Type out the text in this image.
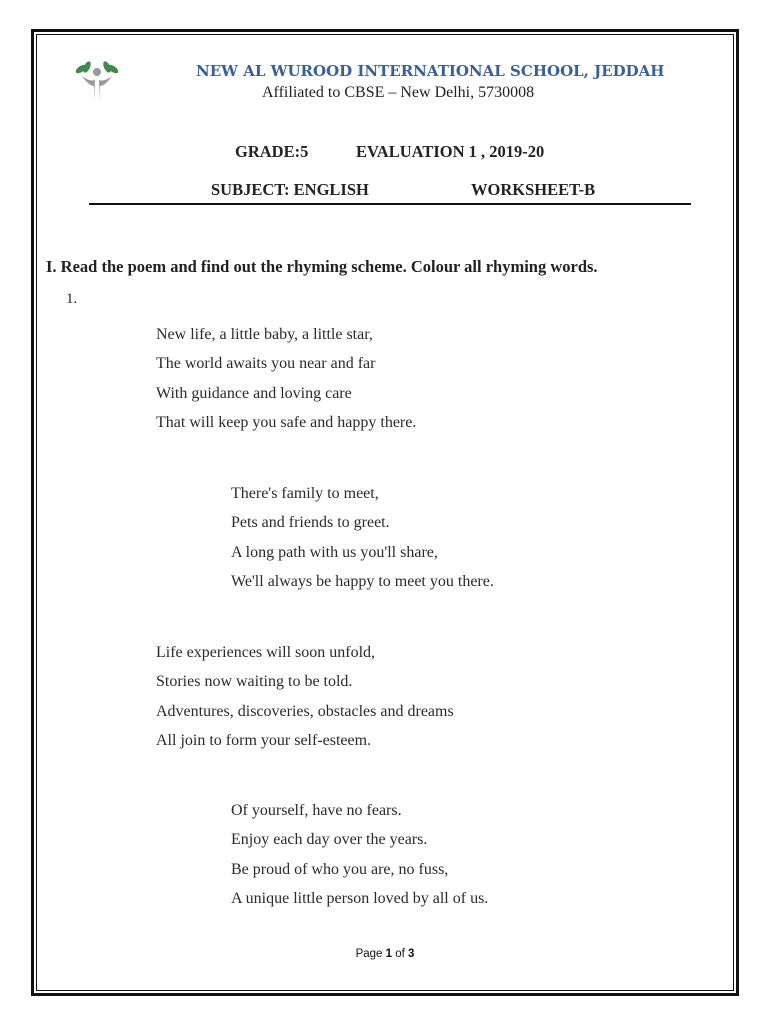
NEW AL WUROOD INTERNATIONAL SCHOOL, JEDDAH
Affiliated to CBSE – New Delhi, 5730008
GRADE:5	EVALUATION 1 , 2019-20
SUBJECT: ENGLISH	WORKSHEET-B
I. Read the poem and find out the rhyming scheme. Colour all rhyming words.
1.
New life, a little baby, a little star,
The world awaits you near and far
With guidance and loving care
That will keep you safe and happy there.
There's family to meet,
Pets and friends to greet.
A long path with us you'll share,
We'll always be happy to meet you there.
Life experiences will soon unfold,
Stories now waiting to be told.
Adventures, discoveries, obstacles and dreams
All join to form your self-esteem.
Of yourself, have no fears.
Enjoy each day over the years.
Be proud of who you are, no fuss,
A unique little person loved by all of us.
Page 1 of 3
